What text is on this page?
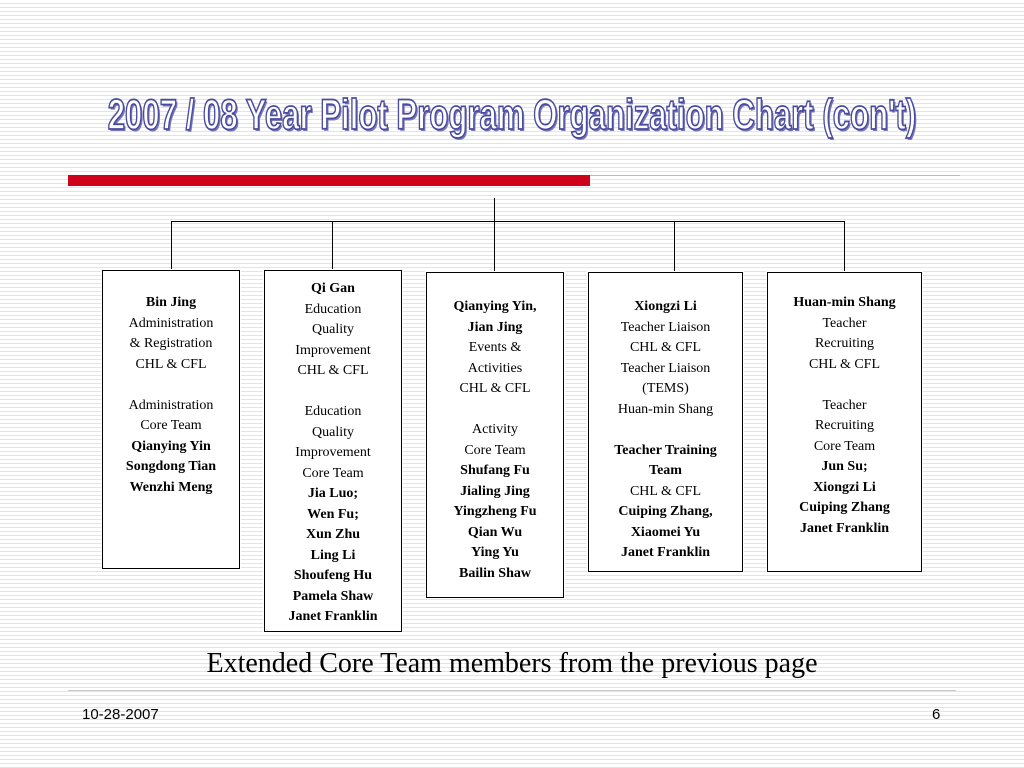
2007 / 08 Year Pilot Program Organization Chart (con't)
Bin Jing
Administration
& Registration
CHL & CFL
Administration
Core Team
Qianying Yin
Songdong Tian
Wenzhi Meng
Qi Gan
Education
Quality
Improvement
CHL & CFL
Education
Quality
Improvement
Core Team
Jia Luo;
Wen Fu;
Xun Zhu
Ling Li
Shoufeng Hu
Pamela Shaw
Janet Franklin
Qianying Yin,
Jian Jing
Events &
Activities
CHL & CFL
Activity
Core Team
Shufang Fu
Jialing Jing
Yingzheng Fu
Qian Wu
Ying Yu
Bailin Shaw
Xiongzi Li
Teacher Liaison
CHL & CFL
Teacher Liaison
(TEMS)
Huan-min Shang
Teacher Training
Team
CHL & CFL
Cuiping Zhang,
Xiaomei Yu
Janet Franklin
Huan-min Shang
Teacher
Recruiting
CHL & CFL
Teacher
Recruiting
Core Team
Jun Su;
Xiongzi Li
Cuiping Zhang
Janet Franklin
Extended Core Team members from the previous page
10-28-2007	6
